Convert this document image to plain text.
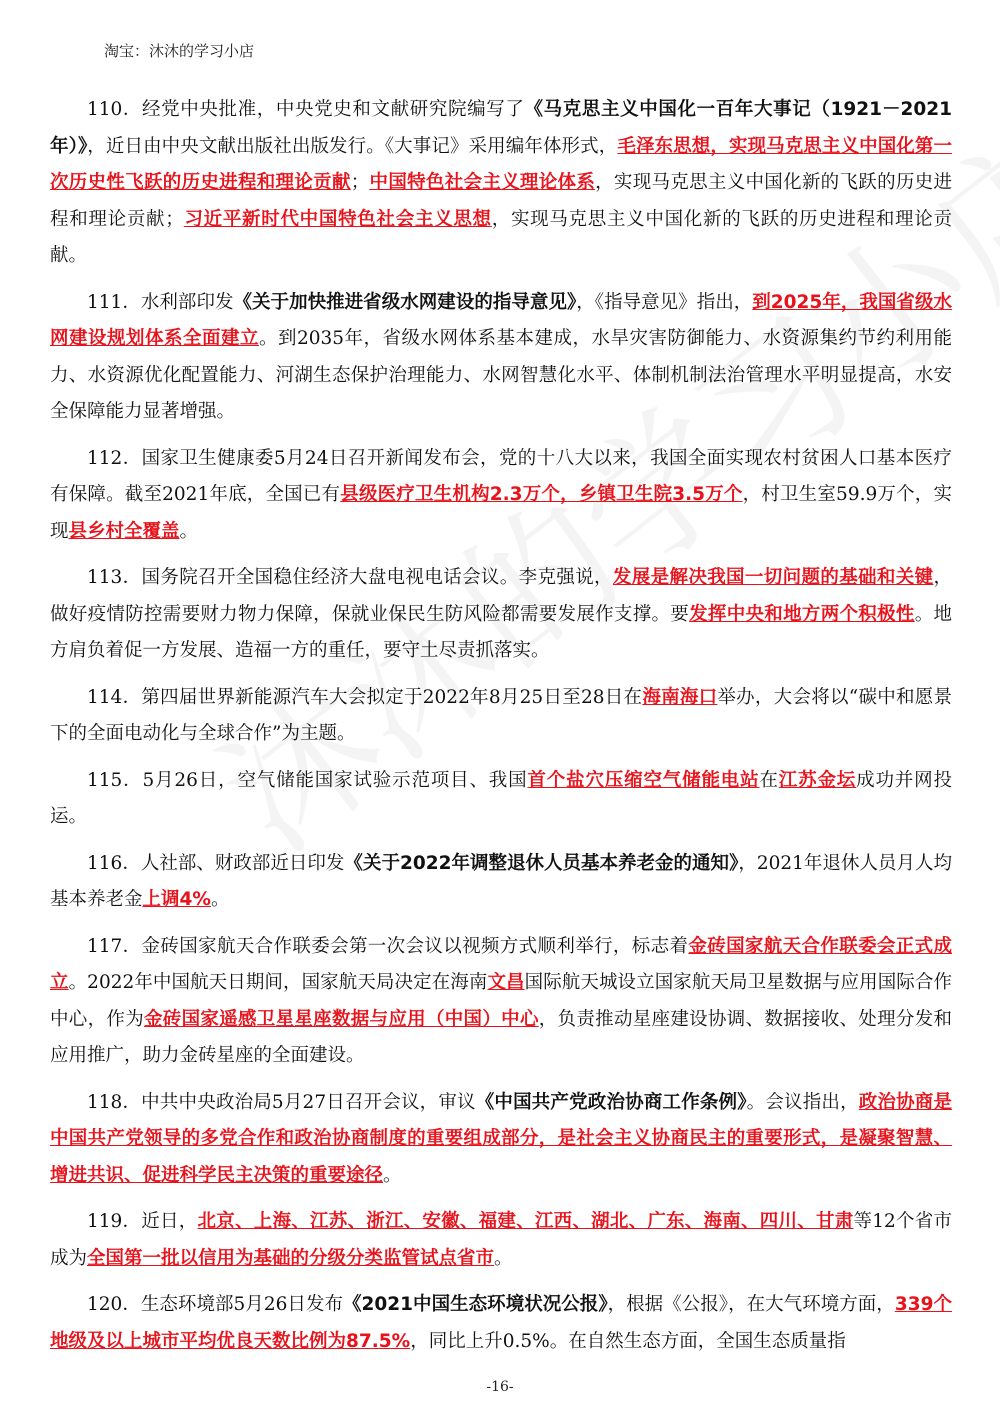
淘宝：沐沐的学习小店

110．经党中央批准，中央党史和文献研究院编写了《马克思主义中国化一百年大事记（1921－2021年）》，近日由中央文献出版社出版发行。《大事记》采用编年体形式，毛泽东思想，实现马克思主义中国化第一次历史性飞跃的历史进程和理论贡献；中国特色社会主义理论体系，实现马克思主义中国化新的飞跃的历史进程和理论贡献；习近平新时代中国特色社会主义思想，实现马克思主义中国化新的飞跃的历史进程和理论贡献。

111．水利部印发《关于加快推进省级水网建设的指导意见》，《指导意见》指出，到2025年，我国省级水网建设规划体系全面建立。到2035年，省级水网体系基本建成，水旱灾害防御能力、水资源集约节约利用能力、水资源优化配置能力、河湖生态保护治理能力、水网智慧化水平、体制机制法治管理水平明显提高，水安全保障能力显著增强。

112．国家卫生健康委5月24日召开新闻发布会，党的十八大以来，我国全面实现农村贫困人口基本医疗有保障。截至2021年底，全国已有县级医疗卫生机构2.3万个，乡镇卫生院3.5万个，村卫生室59.9万个，实现县乡村全覆盖。

113．国务院召开全国稳住经济大盘电视电话会议。李克强说，发展是解决我国一切问题的基础和关键，做好疫情防控需要财力物力保障，保就业保民生防风险都需要发展作支撑。要发挥中央和地方两个积极性。地方肩负着促一方发展、造福一方的重任，要守土尽责抓落实。

114．第四届世界新能源汽车大会拟定于2022年8月25日至28日在海南海口举办，大会将以“碳中和愿景下的全面电动化与全球合作”为主题。

115．5月26日，空气储能国家试验示范项目、我国首个盐穴压缩空气储能电站在江苏金坛成功并网投运。

116．人社部、财政部近日印发《关于2022年调整退休人员基本养老金的通知》，2021年退休人员月人均基本养老金上调4%。

117．金砖国家航天合作联委会第一次会议以视频方式顺利举行，标志着金砖国家航天合作联委会正式成立。2022年中国航天日期间，国家航天局决定在海南文昌国际航天城设立国家航天局卫星数据与应用国际合作中心，作为金砖国家遥感卫星星座数据与应用（中国）中心，负责推动星座建设协调、数据接收、处理分发和应用推广，助力金砖星座的全面建设。

118．中共中央政治局5月27日召开会议，审议《中国共产党政治协商工作条例》。会议指出，政治协商是中国共产党领导的多党合作和政治协商制度的重要组成部分，是社会主义协商民主的重要形式，是凝聚智慧、增进共识、促进科学民主决策的重要途径。

119．近日，北京、上海、江苏、浙江、安徽、福建、江西、湖北、广东、海南、四川、甘肃等12个省市成为全国第一批以信用为基础的分级分类监管试点省市。

120．生态环境部5月26日发布《2021中国生态环境状况公报》，根据《公报》，在大气环境方面，339个地级及以上城市平均优良天数比例为87.5%，同比上升0.5%。在自然生态方面，全国生态质量指

-16-
